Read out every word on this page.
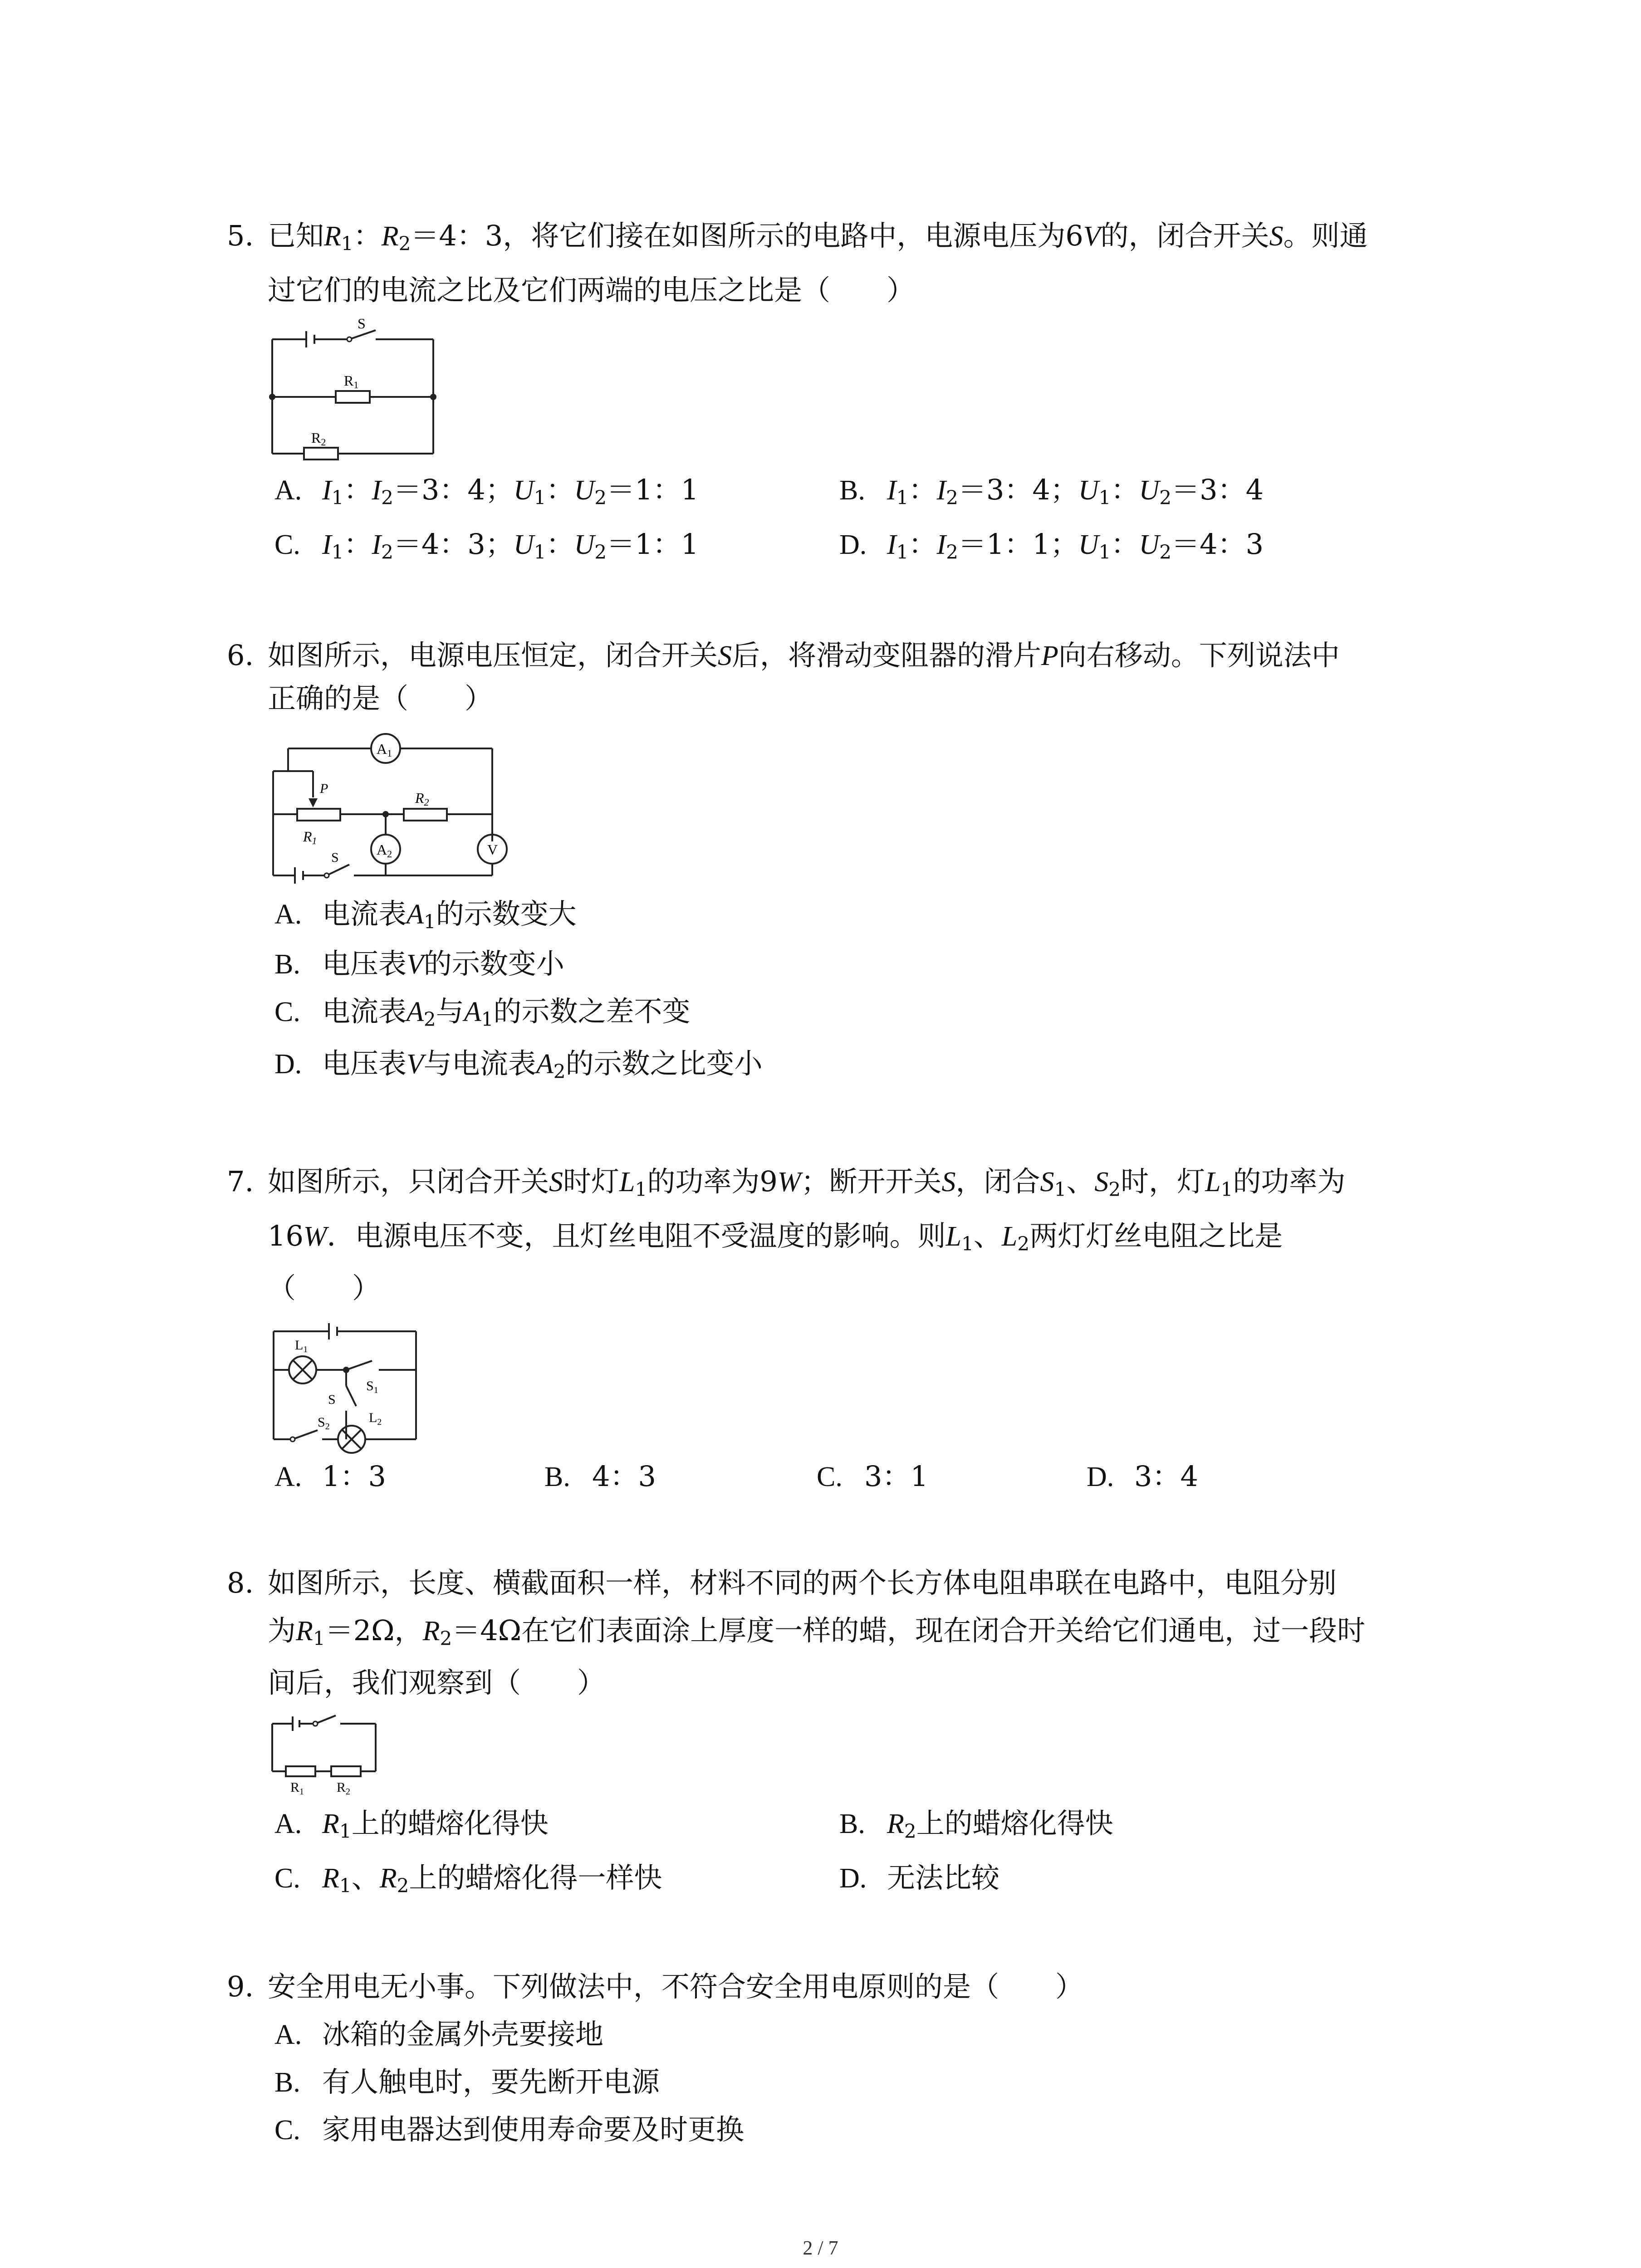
5. 已知$R_1$：$R_2=4$：3，将它们接在如图所示的电路中，电源电压为6V的，闭合开关S。则通
过它们的电流之比及它们两端的电压之比是（　　）
S
R1
R2
A. $I_1$：$I_2=3$：4；$U_1$：$U_2=1$：1	B. $I_1$：$I_2=3$：4；$U_1$：$U_2=3$：4
C. $I_1$：$I_2=4$：3；$U_1$：$U_2=1$：1	D. $I_1$：$I_2=1$：1；$U_1$：$U_2=4$：3
6. 如图所示，电源电压恒定，闭合开关S后，将滑动变阻器的滑片P向右移动。下列说法中
正确的是（　　）
A1
A2	V
P
R1
R2
S
A. 电流表$A_1$的示数变大
B. 电压表V的示数变小
C. 电流表$A_2$与$A_1$的示数之差不变
D. 电压表V与电流表$A_2$的示数之比变小
7. 如图所示，只闭合开关S时灯$L_1$的功率为9W；断开开关S，闭合$S_1$、$S_2$时，灯$L_1$的功率为
16W．电源电压不变，且灯丝电阻不受温度的影响。则$L_1$、$L_2$两灯灯丝电阻之比是
（　　）
$L_1$
$S_1$
S
$S_2$
$L_2$
A. 1：3	B. 4：3	C. 3：1	D. 3：4
8. 如图所示，长度、横截面积一样，材料不同的两个长方体电阻串联在电路中，电阻分别
为$R_1=2\Omega$，$R_2=4\Omega$在它们表面涂上厚度一样的蜡，现在闭合开关给它们通电，过一段时
间后，我们观察到（　　）
$R_1$ $R_2$
A. $R_1$上的蜡熔化得快	B. $R_2$上的蜡熔化得快
C. $R_1$、$R_2$上的蜡熔化得一样快	D. 无法比较
9. 安全用电无小事。下列做法中，不符合安全用电原则的是（　　）
A. 冰箱的金属外壳要接地
B. 有人触电时，要先断开电源
C. 家用电器达到使用寿命要及时更换
2 / 7
